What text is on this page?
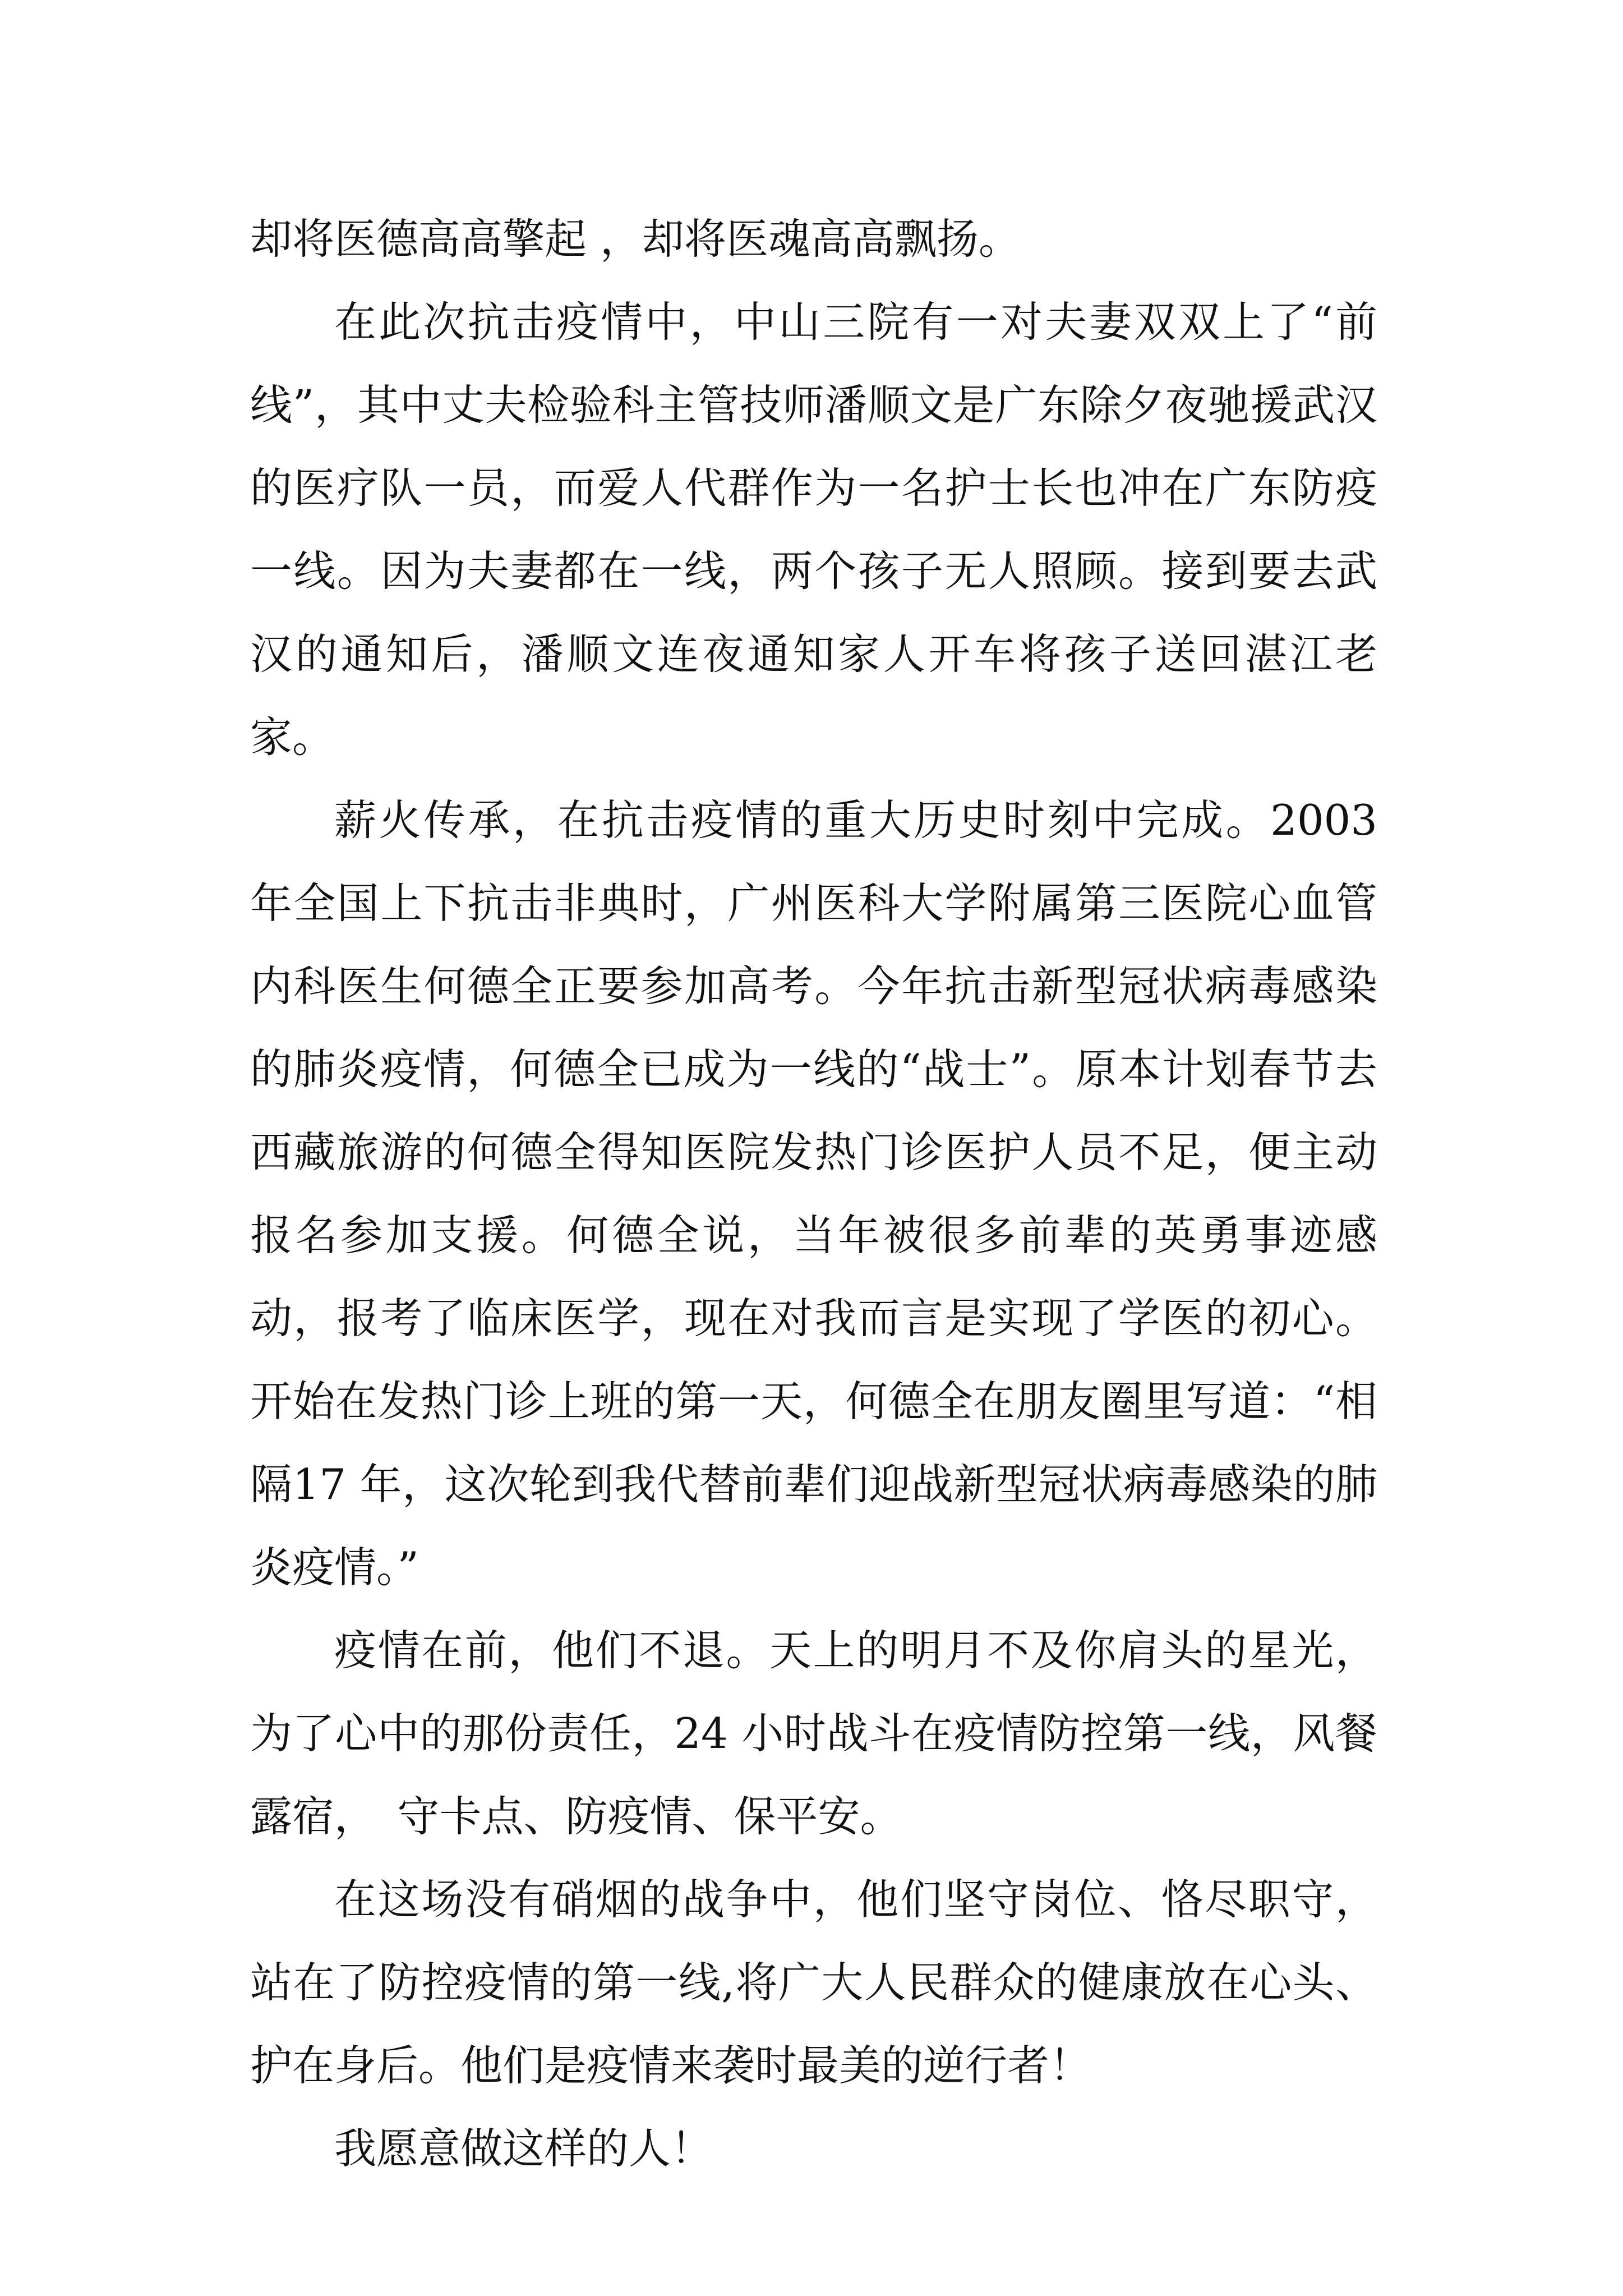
却将医德高高擎起 ，却将医魂高高飘扬。

在此次抗击疫情中，中山三院有一对夫妻双双上了“前线”，其中丈夫检验科主管技师潘顺文是广东除夕夜驰援武汉的医疗队一员，而爱人代群作为一名护士长也冲在广东防疫一线。因为夫妻都在一线，两个孩子无人照顾。接到要去武汉的通知后，潘顺文连夜通知家人开车将孩子送回湛江老家。

薪火传承，在抗击疫情的重大历史时刻中完成。2003 年全国上下抗击非典时，广州医科大学附属第三医院心血管内科医生何德全正要参加高考。今年抗击新型冠状病毒感染的肺炎疫情，何德全已成为一线的“战士”。原本计划春节去西藏旅游的何德全得知医院发热门诊医护人员不足，便主动报名参加支援。何德全说，当年被很多前辈的英勇事迹感动，报考了临床医学，现在对我而言是实现了学医的初心。开始在发热门诊上班的第一天，何德全在朋友圈里写道：“相隔17 年，这次轮到我代替前辈们迎战新型冠状病毒感染的肺炎疫情。”

疫情在前，他们不退。天上的明月不及你肩头的星光，为了心中的那份责任，24 小时战斗在疫情防控第一线，风餐露宿，　守卡点、防疫情、保平安。

在这场没有硝烟的战争中，他们坚守岗位、恪尽职守，站在了防控疫情的第一线,将广大人民群众的健康放在心头、护在身后。他们是疫情来袭时最美的逆行者！

我愿意做这样的人！
